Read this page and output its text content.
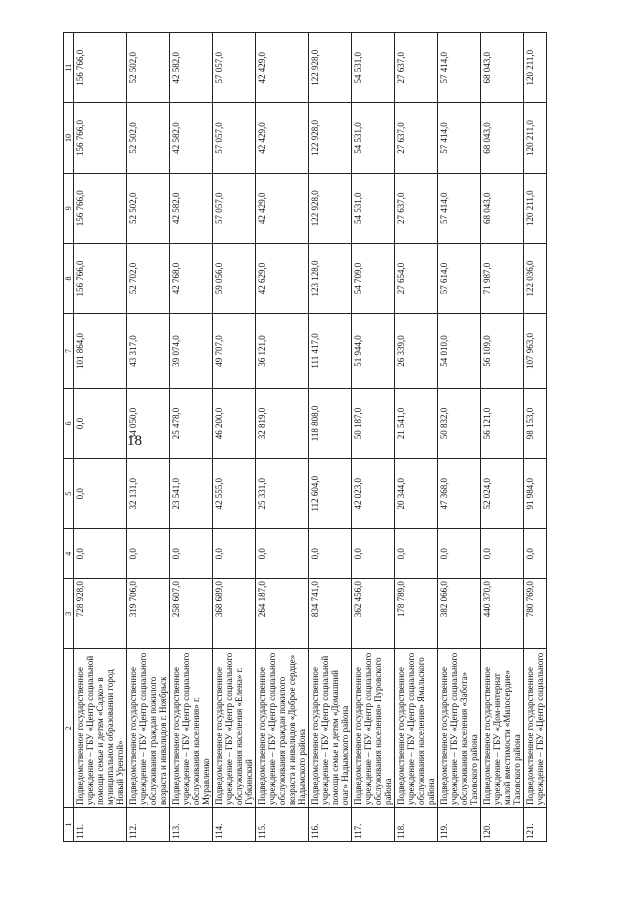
18
1	2	3	4	5	6	7	8	9	10	11
111.	Подведомственное государственное учреждение – ГБУ «Центр социальной помощи семье и детям «Садко» в муниципальном образовании город Новый Уренгой»	728 928,0	0,0	0,0	0,0	101 864,0	156 766,0	156 766,0	156 766,0	156 766,0
112.	Подведомственное государственное учреждение – ГБУ «Центр социального обслуживания граждан пожилого возраста и инвалидов г. Ноябрьск	319 706,0	0,0	32 131,0	34 050,0	43 317,0	52 702,0	52 502,0	52 502,0	52 502,0
113.	Подведомственное государственное учреждение – ГБУ «Центр социального обслуживания населения» г. Муравленко	258 607,0	0,0	23 541,0	25 478,0	39 074,0	42 768,0	42 582,0	42 582,0	42 582,0
114.	Подведомственное государственное учреждение – ГБУ «Центр социального обслуживания населения «Елена» г. Губкинский	368 689,0	0,0	42 555,0	46 200,0	49 707,0	59 056,0	57 057,0	57 057,0	57 057,0
115.	Подведомственное государственное учреждение – ГБУ «Центр социального обслуживания граждан пожилого возраста и инвалидов «Доброе сердце» Надымского района	264 187,0	0,0	25 331,0	32 819,0	36 121,0	42 629,0	42 429,0	42 429,0	42 429,0
116.	Подведомственное государственное учреждение – ГБУ «Центр социальной помощи семье и детям «Домашний очаг» Надымского района	834 741,0	0,0	112 604,0	118 808,0	111 417,0	123 128,0	122 928,0	122 928,0	122 928,0
117.	Подведомственное государственное учреждение – ГБУ «Центр социального обслуживания населения» Пуровского района	362 456,0	0,0	42 023,0	50 187,0	51 944,0	54 709,0	54 531,0	54 531,0	54 531,0
118.	Подведомственное государственное учреждение – ГБУ «Центр социального обслуживания населения» Ямальского района	178 789,0	0,0	20 344,0	21 541,0	26 339,0	27 654,0	27 637,0	27 637,0	27 637,0
119.	Подведомственное государственное учреждение – ГБУ «Центр социального обслуживания населения «Забота» Тазовского района	382 066,0	0,0	47 368,0	50 832,0	54 010,0	57 614,0	57 414,0	57 414,0	57 414,0
120.	Подведомственное государственное учреждение – ГБУ «Дом-интернат малой вместимости «Милосердие» Тазовского района	440 370,0	0,0	52 024,0	56 121,0	56 109,0	71 987,0	68 043,0	68 043,0	68 043,0
121.	Подведомственное государственное учреждение – ГБУ «Центр социального	780 769,0	0,0	91 984,0	98 153,0	107 963,0	122 036,0	120 211,0	120 211,0	120 211,0
